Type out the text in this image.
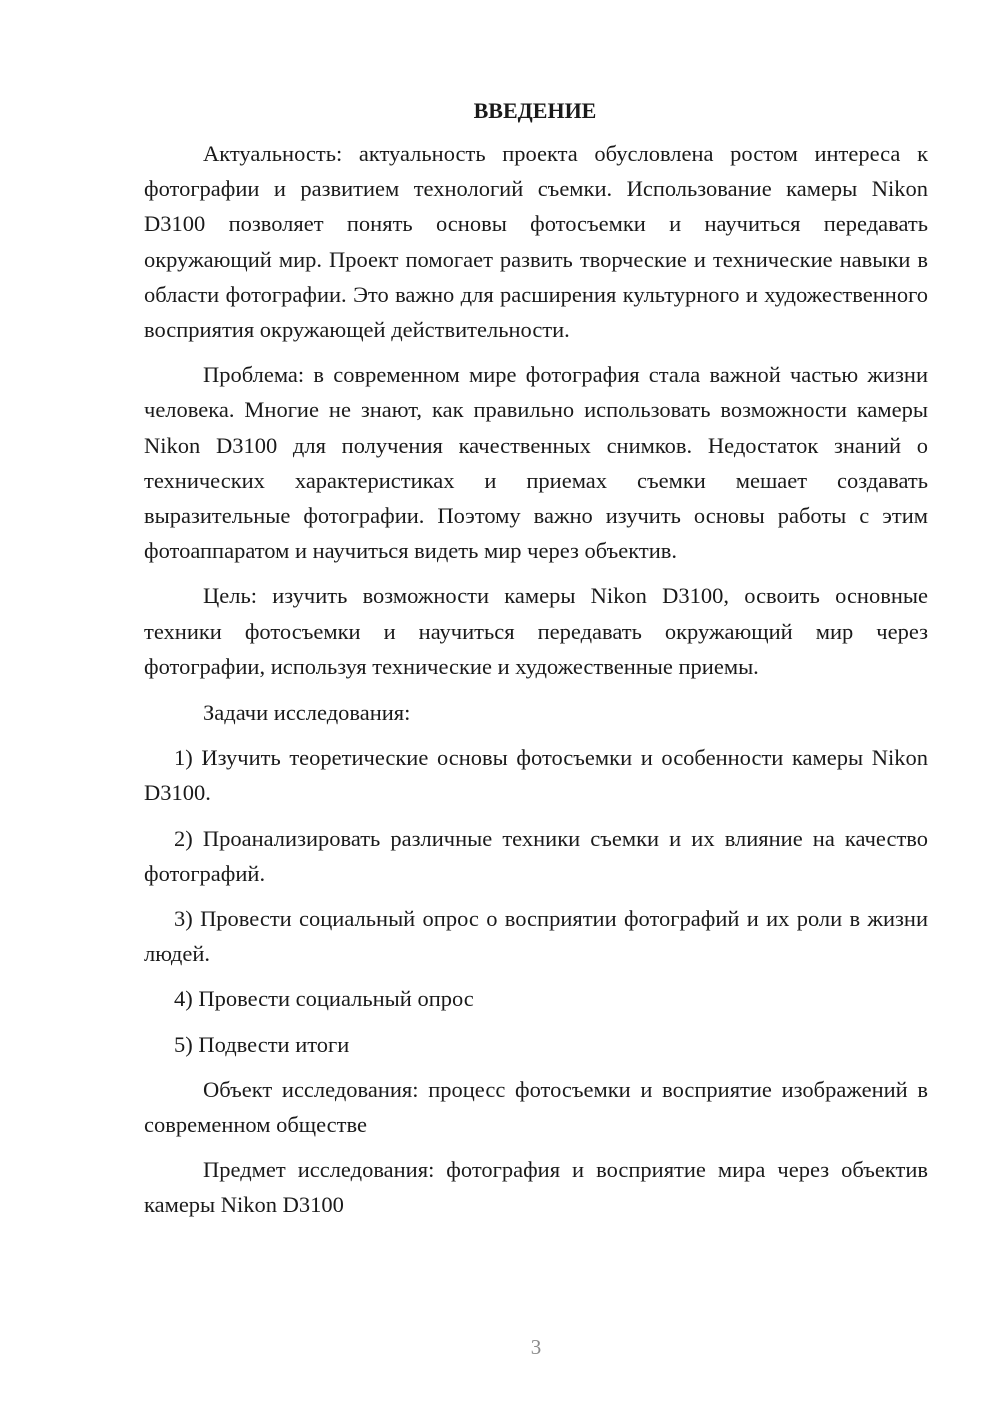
ВВЕДЕНИЕ

Актуальность: актуальность проекта обусловлена ростом интереса к фотографии и развитием технологий съемки. Использование камеры Nikon D3100 позволяет понять основы фотосъемки и научиться передавать окружающий мир. Проект помогает развить творческие и технические навыки в области фотографии. Это важно для расширения культурного и художественного восприятия окружающей действительности.

Проблема: в современном мире фотография стала важной частью жизни человека. Многие не знают, как правильно использовать возможности камеры Nikon D3100 для получения качественных снимков. Недостаток знаний о технических характеристиках и приемах съемки мешает создавать выразительные фотографии. Поэтому важно изучить основы работы с этим фотоаппаратом и научиться видеть мир через объектив.

Цель: изучить возможности камеры Nikon D3100, освоить основные техники фотосъемки и научиться передавать окружающий мир через фотографии, используя технические и художественные приемы.

Задачи исследования:

1) Изучить теоретические основы фотосъемки и особенности камеры Nikon D3100.

2) Проанализировать различные техники съемки и их влияние на качество фотографий.

3) Провести социальный опрос о восприятии фотографий и их роли в жизни людей.

4) Провести социальный опрос

5) Подвести итоги

Объект исследования: процесс фотосъемки и восприятие изображений в современном обществе

Предмет исследования: фотография и восприятие мира через объектив камеры Nikon D3100

3
